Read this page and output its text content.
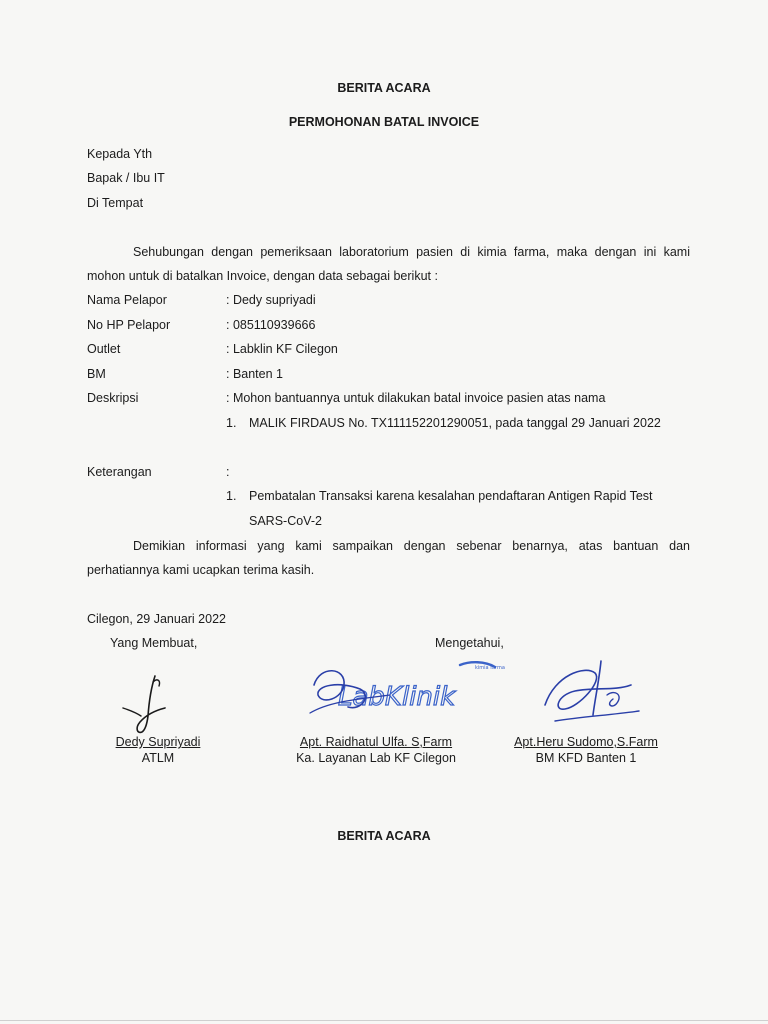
BERITA ACARA
PERMOHONAN BATAL INVOICE
Kepada Yth
Bapak / Ibu IT
Di Tempat
Sehubungan dengan pemeriksaan laboratorium pasien di kimia farma, maka dengan ini kami
mohon untuk di batalkan Invoice, dengan data sebagai berikut :
Nama Pelapor	: Dedy supriyadi
No HP Pelapor	: 085110939666
Outlet	: Labklin KF Cilegon
BM	: Banten 1
Deskripsi	: Mohon bantuannya untuk dilakukan batal invoice pasien atas nama
1. MALIK FIRDAUS No. TX111152201290051, pada tanggal 29 Januari 2022
Keterangan	:
1. Pembatalan Transaksi karena kesalahan pendaftaran Antigen Rapid Test
SARS-CoV-2
Demikian informasi yang kami sampaikan dengan sebenar benarnya, atas bantuan dan
perhatiannya kami ucapkan terima kasih.
Cilegon, 29 Januari 2022
Yang Membuat,	Mengetahui,
kimia farma
LabKlinik
Dedy Supriyadi
ATLM
Apt. Raidhatul Ulfa. S,Farm
Ka. Layanan Lab KF Cilegon
Apt.Heru Sudomo,S.Farm
BM KFD Banten 1
BERITA ACARA
